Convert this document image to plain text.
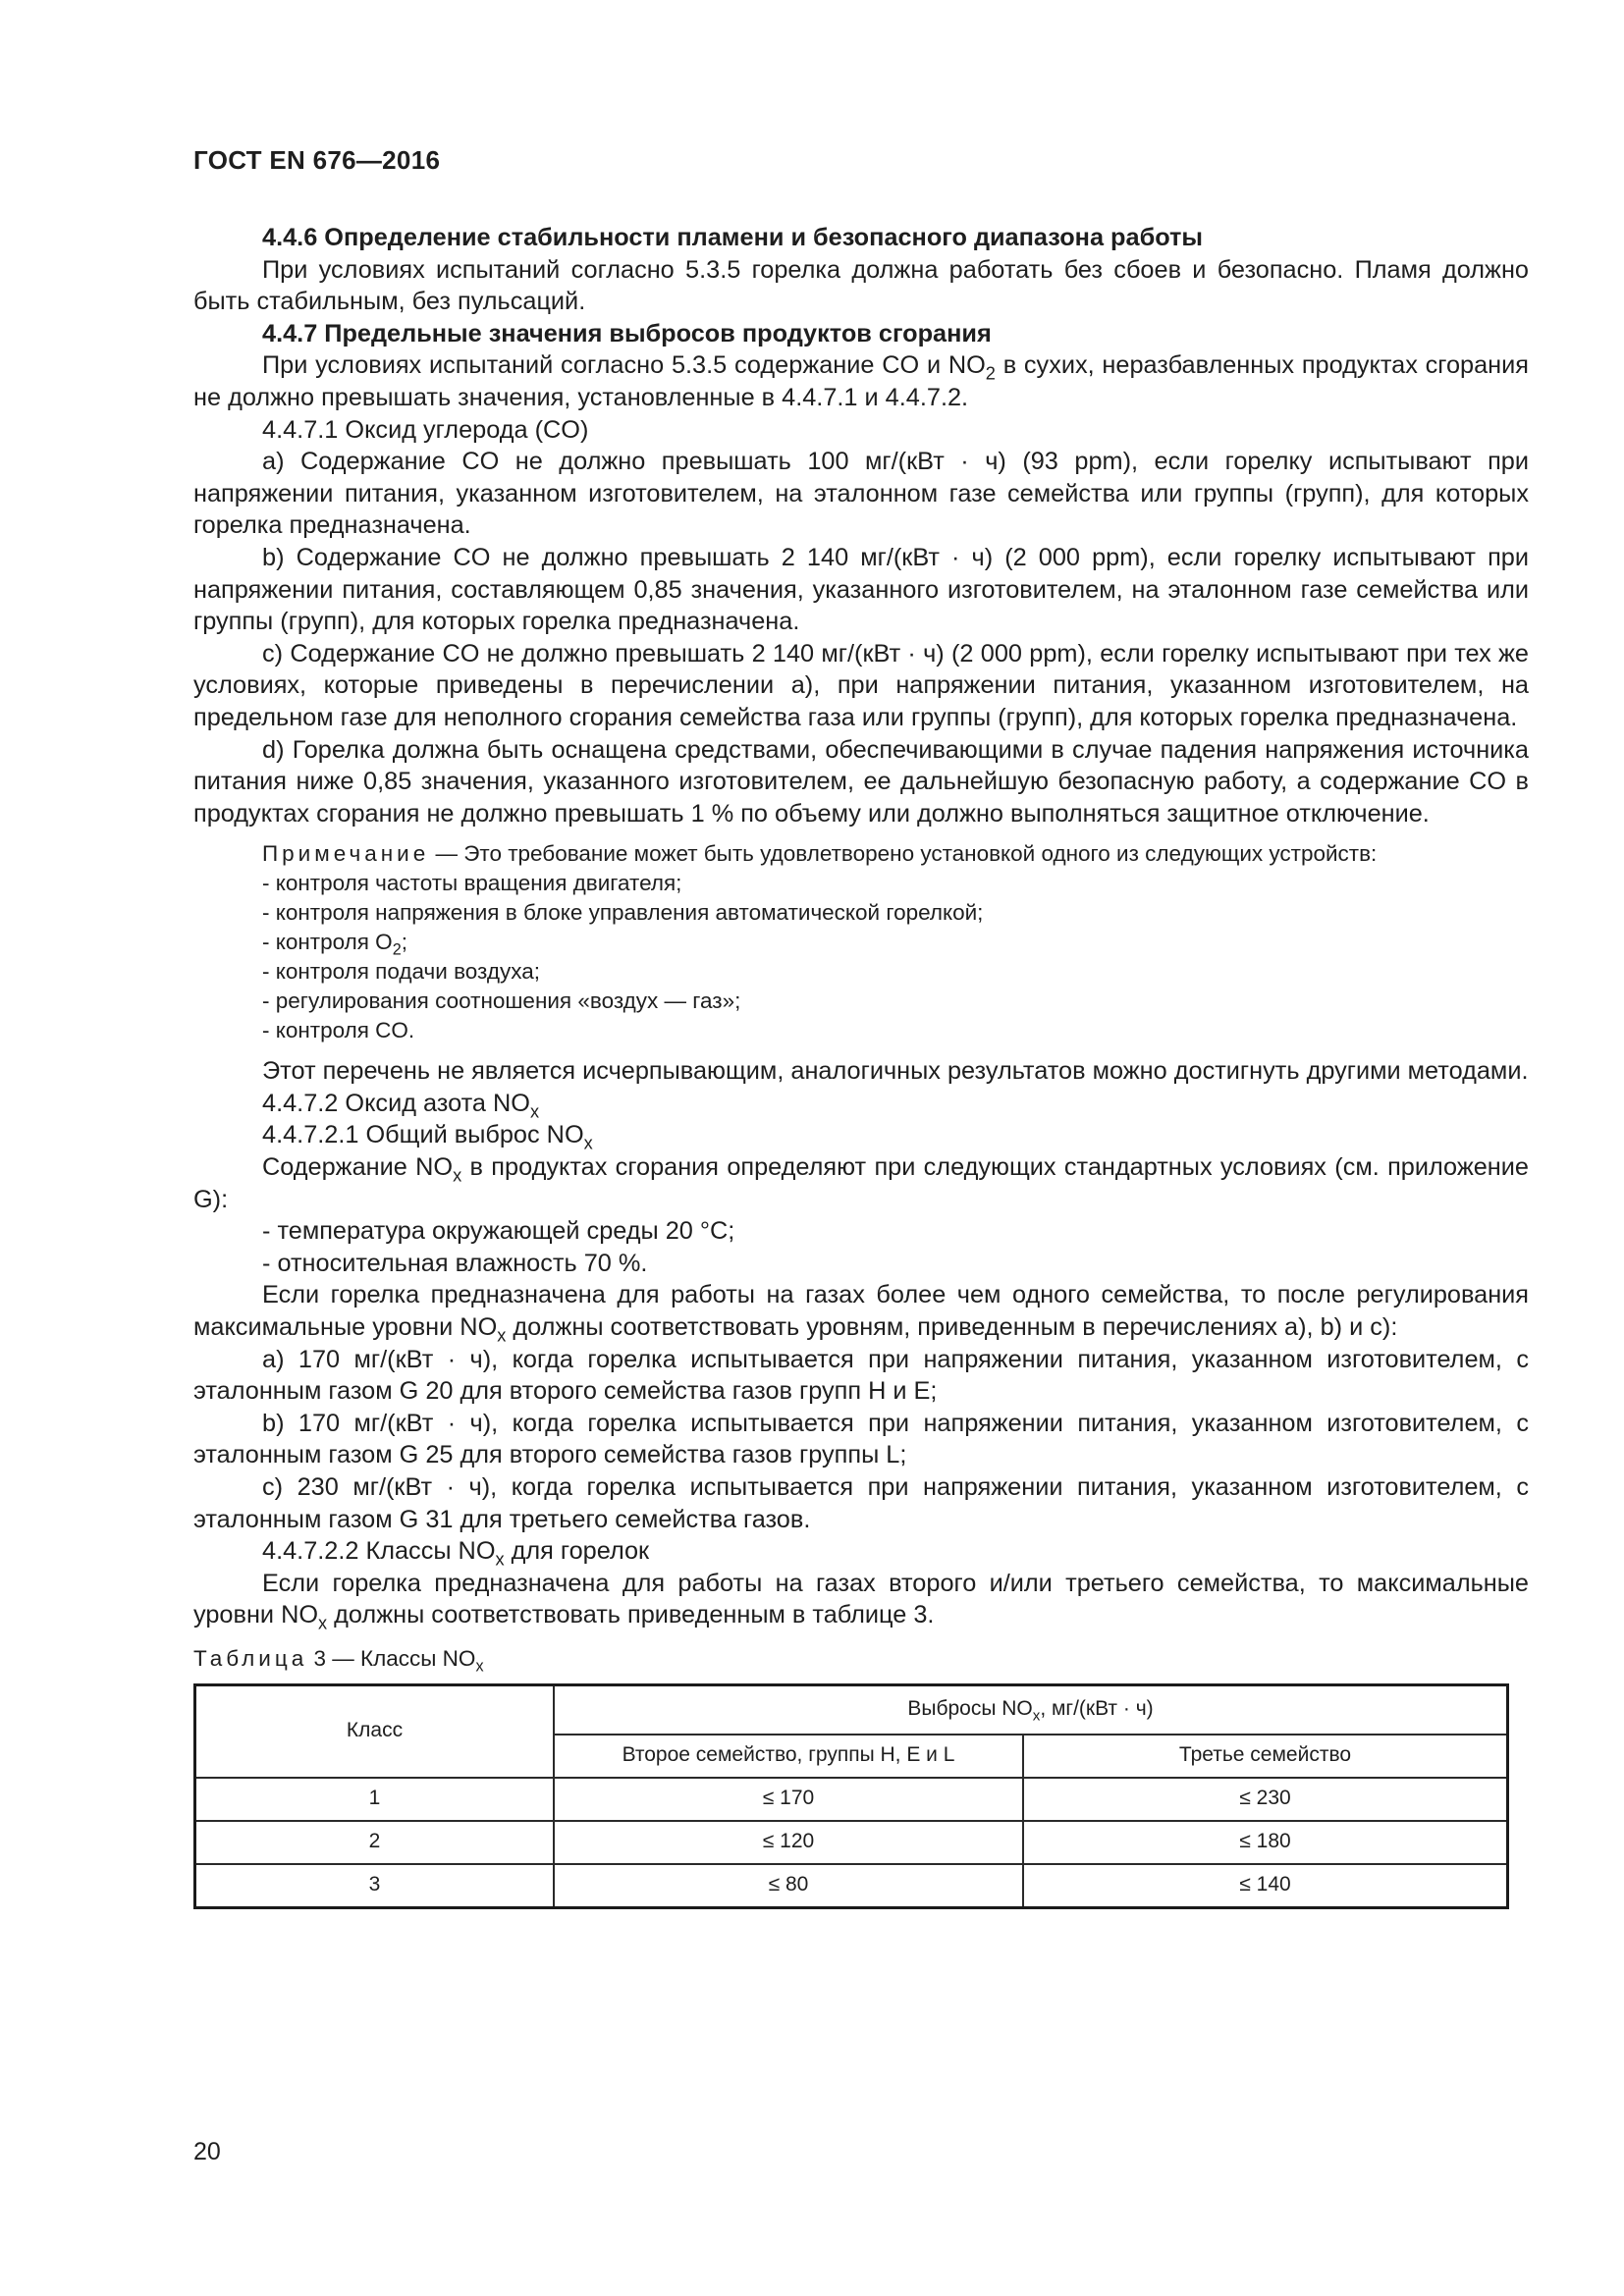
ГОСТ EN 676—2016

4.4.6 Определение стабильности пламени и безопасного диапазона работы

При условиях испытаний согласно 5.3.5 горелка должна работать без сбоев и безопасно. Пламя должно быть стабильным, без пульсаций.

4.4.7 Предельные значения выбросов продуктов сгорания

При условиях испытаний согласно 5.3.5 содержание CO и $NO_2$ в сухих, неразбавленных продуктах сгорания не должно превышать значения, установленные в 4.4.7.1 и 4.4.7.2.

4.4.7.1 Оксид углерода (CO)

a) Содержание CO не должно превышать 100 мг/(кВт · ч) (93 ppm), если горелку испытывают при напряжении питания, указанном изготовителем, на эталонном газе семейства или группы (групп), для которых горелка предназначена.

b) Содержание CO не должно превышать 2 140 мг/(кВт · ч) (2 000 ppm), если горелку испытывают при напряжении питания, составляющем 0,85 значения, указанного изготовителем, на эталонном газе семейства или группы (групп), для которых горелка предназначена.

c) Содержание CO не должно превышать 2 140 мг/(кВт · ч) (2 000 ppm), если горелку испытывают при тех же условиях, которые приведены в перечислении a), при напряжении питания, указанном изготовителем, на предельном газе для неполного сгорания семейства газа или группы (групп), для которых горелка предназначена.

d) Горелка должна быть оснащена средствами, обеспечивающими в случае падения напряжения источника питания ниже 0,85 значения, указанного изготовителем, ее дальнейшую безопасную работу, а содержание CO в продуктах сгорания не должно превышать 1 % по объему или должно выполняться защитное отключение.

Примечание — Это требование может быть удовлетворено установкой одного из следующих устройств:

- контроля частоты вращения двигателя;

- контроля напряжения в блоке управления автоматической горелкой;

- контроля $O_2$;

- контроля подачи воздуха;

- регулирования соотношения «воздух — газ»;

- контроля CO.

Этот перечень не является исчерпывающим, аналогичных результатов можно достигнуть другими методами.

4.4.7.2 Оксид азота $NO_x$

4.4.7.2.1 Общий выброс $NO_x$

Содержание $NO_x$ в продуктах сгорания определяют при следующих стандартных условиях (см. приложение G):

- температура окружающей среды 20 °C;

- относительная влажность 70 %.

Если горелка предназначена для работы на газах более чем одного семейства, то после регулирования максимальные уровни $NO_x$ должны соответствовать уровням, приведенным в перечислениях a), b) и c):

a) 170 мг/(кВт · ч), когда горелка испытывается при напряжении питания, указанном изготовителем, с эталонным газом G 20 для второго семейства газов групп H и E;

b) 170 мг/(кВт · ч), когда горелка испытывается при напряжении питания, указанном изготовителем, с эталонным газом G 25 для второго семейства газов группы L;

c) 230 мг/(кВт · ч), когда горелка испытывается при напряжении питания, указанном изготовителем, с эталонным газом G 31 для третьего семейства газов.

4.4.7.2.2 Классы $NO_x$ для горелок

Если горелка предназначена для работы на газах второго и/или третьего семейства, то максимальные уровни $NO_x$ должны соответствовать приведенным в таблице 3.

Таблица 3 — Классы $NO_x$

Класс	Выбросы $NO_x$, мг/(кВт · ч)	
	Второе семейство, группы H, E и L	Третье семейство
1	≤ 170	≤ 230
2	≤ 120	≤ 180
3	≤ 80	≤ 140
20
